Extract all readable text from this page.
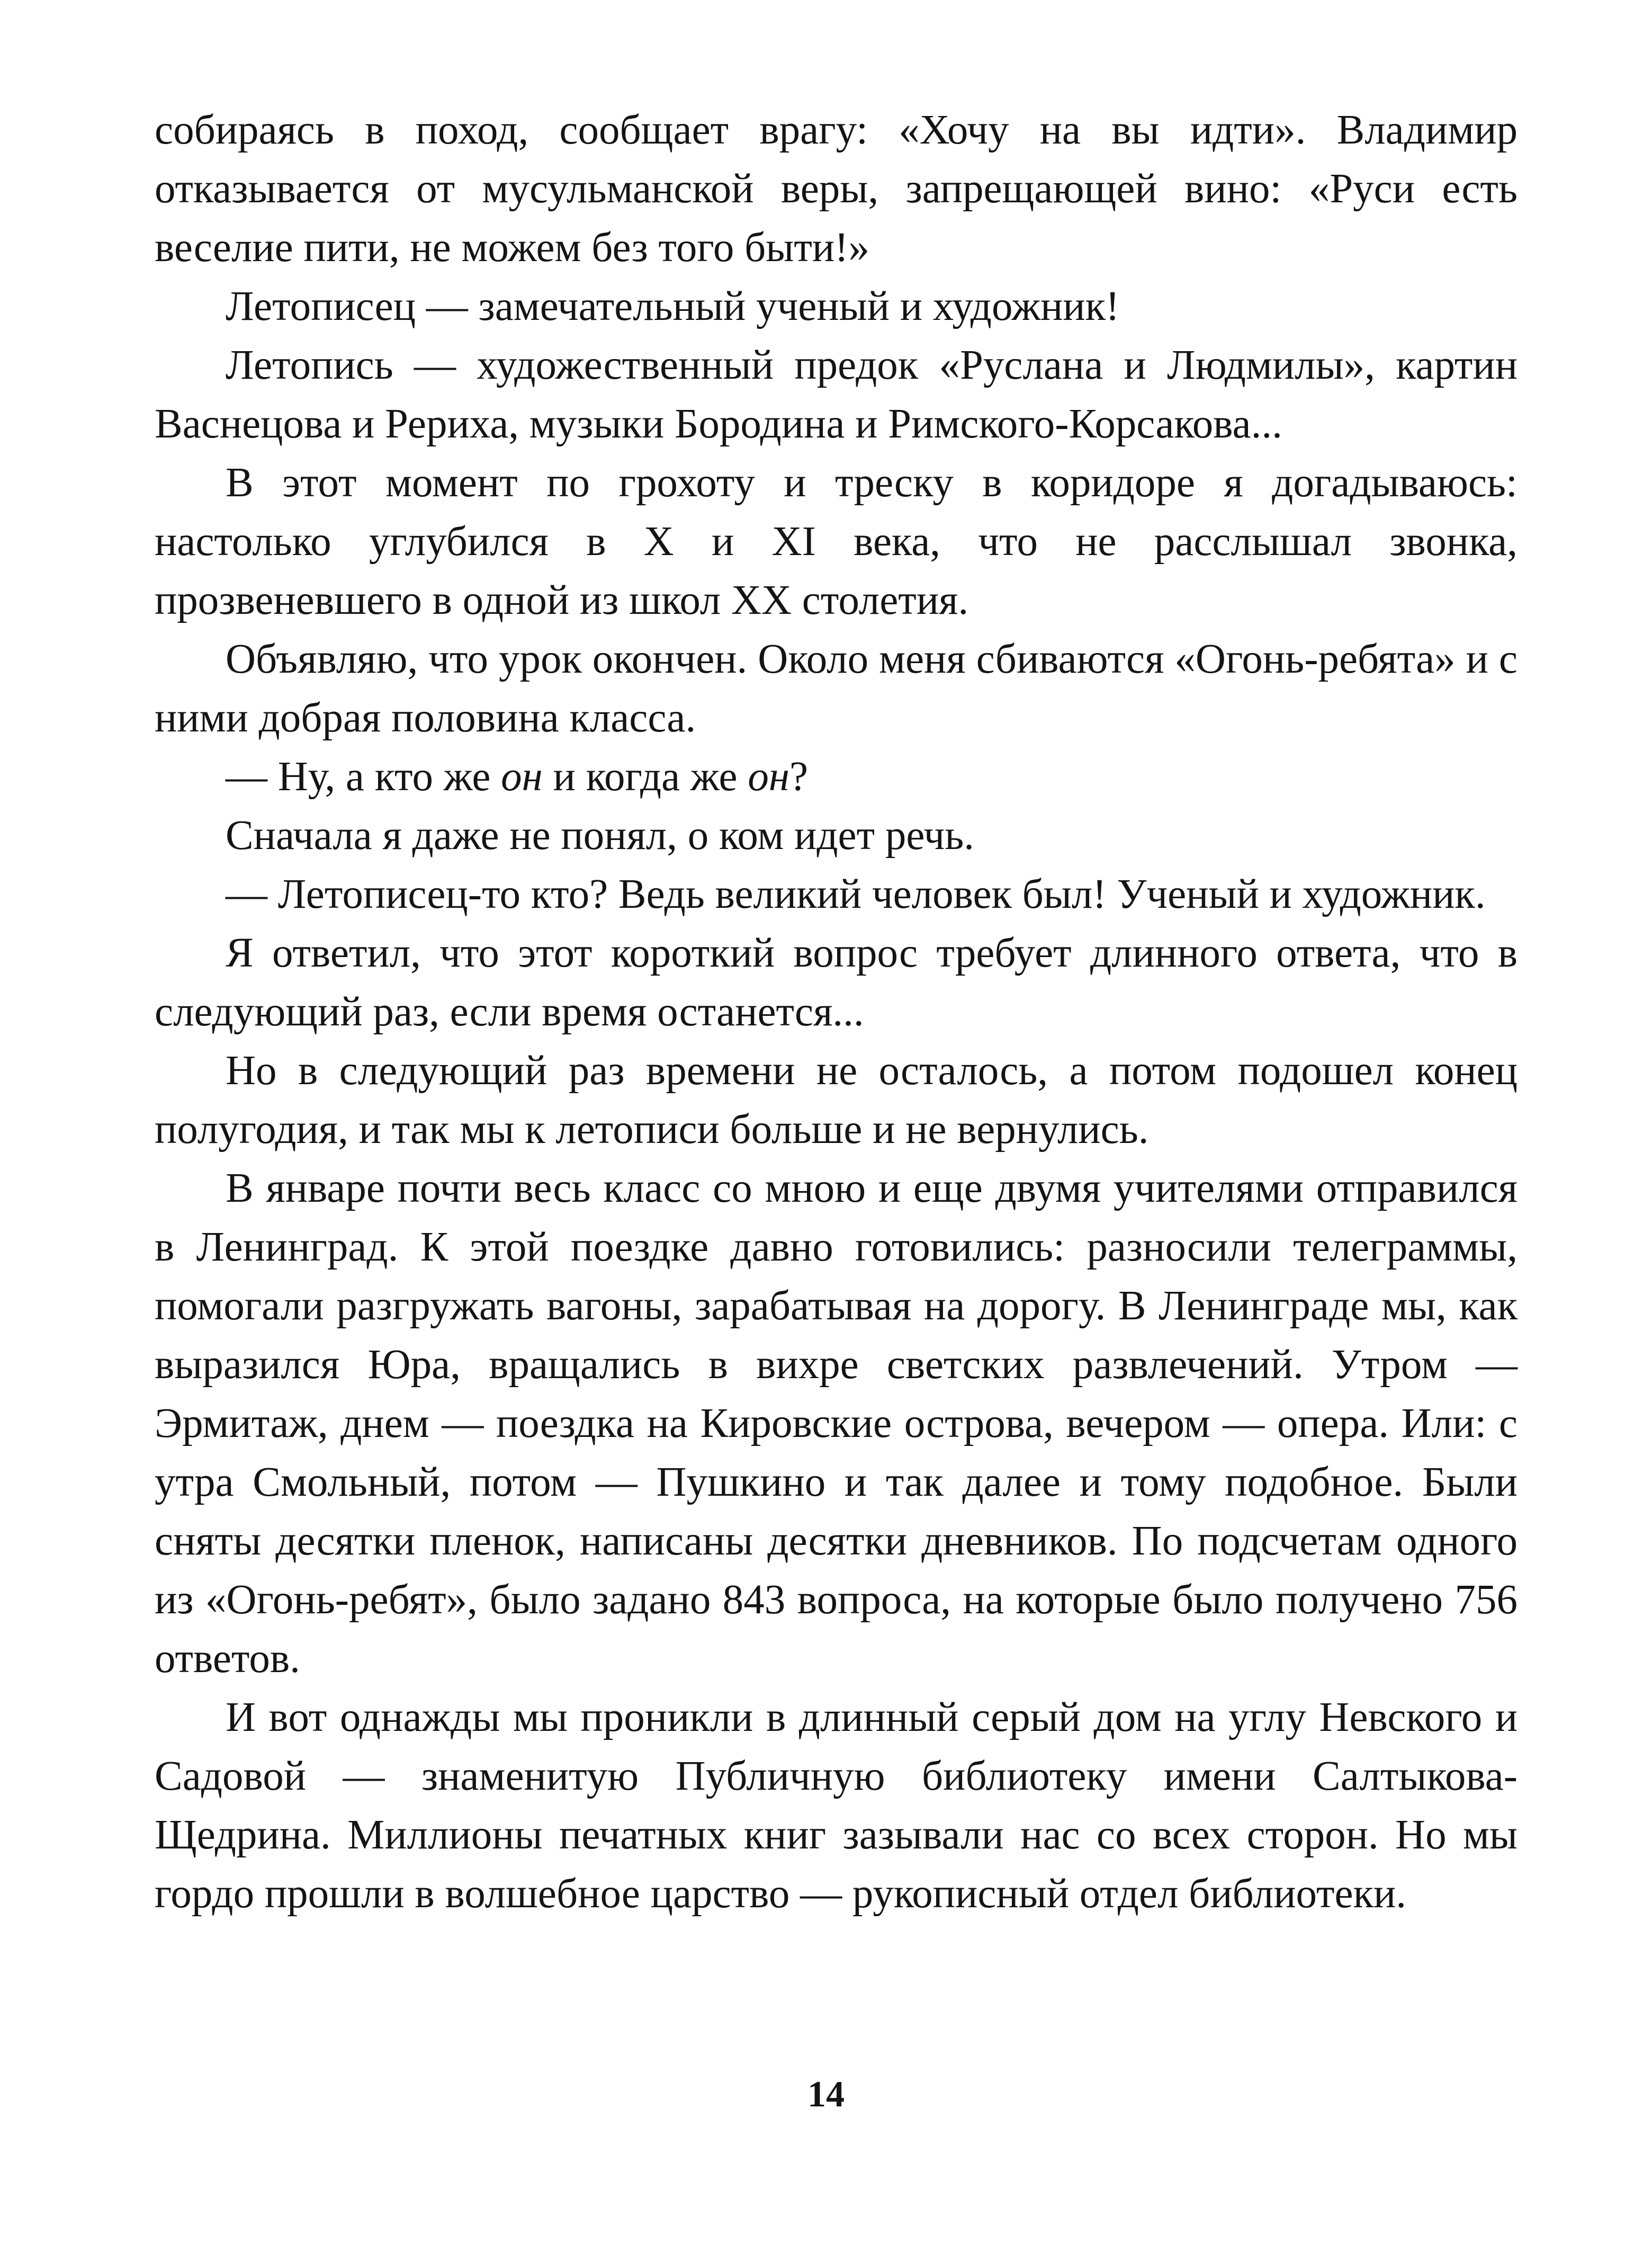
собираясь в поход, сообщает врагу: «Хочу на вы идти». Владимир отказывается от мусульманской веры, запрещающей вино: «Руси есть веселие пити, не можем без того быти!»

Летописец — замечательный ученый и художник!

Летопись — художественный предок «Руслана и Людмилы», картин Васнецова и Рериха, музыки Бородина и Римского-Корсакова...

В этот момент по грохоту и треску в коридоре я догадываюсь: настолько углубился в X и XI века, что не расслышал звонка, прозвеневшего в одной из школ XX столетия.

Объявляю, что урок окончен. Около меня сбиваются «Огонь-ребята» и с ними добрая половина класса.

— Ну, а кто же он и когда же он?

Сначала я даже не понял, о ком идет речь.

— Летописец-то кто? Ведь великий человек был! Ученый и художник.

Я ответил, что этот короткий вопрос требует длинного ответа, что в следующий раз, если время останется...

Но в следующий раз времени не осталось, а потом подошел конец полугодия, и так мы к летописи больше и не вернулись.

В январе почти весь класс со мною и еще двумя учителями отправился в Ленинград. К этой поездке давно готовились: разносили телеграммы, помогали разгружать вагоны, зарабатывая на дорогу. В Ленинграде мы, как выразился Юра, вращались в вихре светских развлечений. Утром — Эрмитаж, днем — поездка на Кировские острова, вечером — опера. Или: с утра Смольный, потом — Пушкино и так далее и тому подобное. Были сняты десятки пленок, написаны десятки дневников. По подсчетам одного из «Огонь-ребят», было задано 843 вопроса, на которые было получено 756 ответов.

И вот однажды мы проникли в длинный серый дом на углу Невского и Садовой — знаменитую Публичную библиотеку имени Салтыкова-Щедрина. Миллионы печатных книг зазывали нас со всех сторон. Но мы гордо прошли в волшебное царство — рукописный отдел библиотеки.

14
